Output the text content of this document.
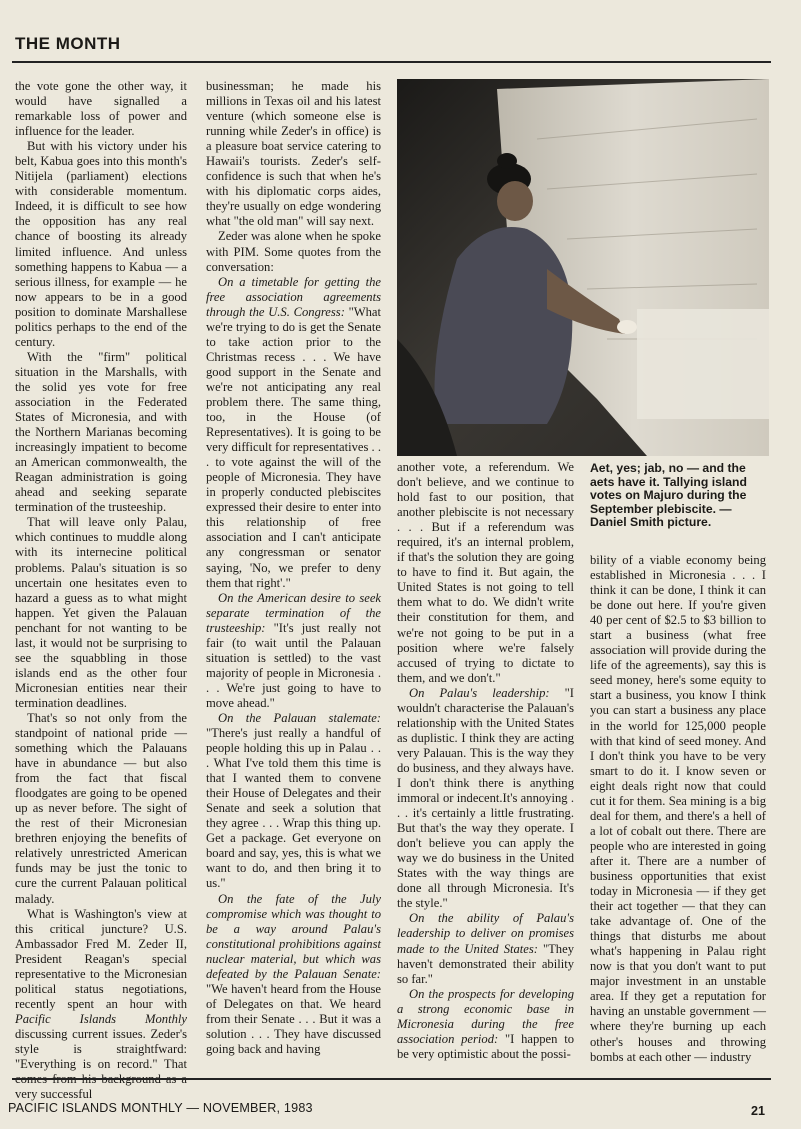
THE MONTH

the vote gone the other way, it would have signalled a remarkable loss of power and influence for the leader.

But with his victory under his belt, Kabua goes into this month's Nitijela (parliament) elections with considerable momentum. Indeed, it is difficult to see how the opposition has any real chance of boosting its already limited influence. And unless something happens to Kabua — a serious illness, for example — he now appears to be in a good position to dominate Marshallese politics perhaps to the end of the century.

With the "firm" political situation in the Marshalls, with the solid yes vote for free association in the Federated States of Micronesia, and with the Northern Marianas becoming increasingly impatient to become an American commonwealth, the Reagan administration is going ahead and seeking separate termination of the trusteeship.

That will leave only Palau, which continues to muddle along with its internecine political problems. Palau's situation is so uncertain one hesitates even to hazard a guess as to what might happen. Yet given the Palauan penchant for not wanting to be last, it would not be surprising to see the squabbling in those islands end as the other four Micronesian entities near their termination deadlines.

That's so not only from the standpoint of national pride — something which the Palauans have in abundance — but also from the fact that fiscal floodgates are going to be opened up as never before. The sight of the rest of their Micronesian brethren enjoying the benefits of relatively unrestricted American funds may be just the tonic to cure the current Palauan political malady.

What is Washington's view at this critical juncture? U.S. Ambassador Fred M. Zeder II, President Reagan's special representative to the Micronesian political status negotiations, recently spent an hour with Pacific Islands Monthly discussing current issues. Zeder's style is straightfward: "Everything is on record." That comes from his background as a very successful

businessman; he made his millions in Texas oil and his latest venture (which someone else is running while Zeder's in office) is a pleasure boat service catering to Hawaii's tourists. Zeder's self-confidence is such that when he's with his diplomatic corps aides, they're usually on edge wondering what "the old man" will say next.

Zeder was alone when he spoke with PIM. Some quotes from the conversation:

On a timetable for getting the free association agreements through the U.S. Congress: "What we're trying to do is get the Senate to take action prior to the Christmas recess . . . We have good support in the Senate and we're not anticipating any real problem there. The same thing, too, in the House (of Representatives). It is going to be very difficult for representatives . . . to vote against the will of the people of Micronesia. They have in properly conducted plebiscites expressed their desire to enter into this relationship of free association and I can't anticipate any congressman or senator saying, 'No, we prefer to deny them that right'."

On the American desire to seek separate termination of the trusteeship: "It's just really not fair (to wait until the Palauan situation is settled) to the vast majority of people in Micronesia . . . We're just going to have to move ahead."

On the Palauan stalemate: "There's just really a handful of people holding this up in Palau . . . What I've told them this time is that I wanted them to convene their House of Delegates and their Senate and seek a solution that they agree . . . Wrap this thing up. Get a package. Get everyone on board and say, yes, this is what we want to do, and then bring it to us."

On the fate of the July compromise which was thought to be a way around Palau's constitutional prohibitions against nuclear material, but which was defeated by the Palauan Senate: "We haven't heard from the House of Delegates on that. We heard from their Senate . . . But it was a solution . . . They have discussed going back and having

Aet, yes; jab, no — and the aets have it. Tallying island votes on Majuro during the September plebiscite. — Daniel Smith picture.

another vote, a referendum. We don't believe, and we continue to hold fast to our position, that another plebiscite is not necessary . . . But if a referendum was required, it's an internal problem, if that's the solution they are going to have to find it. But again, the United States is not going to tell them what to do. We didn't write their constitution for them, and we're not going to be put in a position where we're falsely accused of trying to dictate to them, and we don't."

On Palau's leadership: "I wouldn't characterise the Palauan's relationship with the United States as duplistic. I think they are acting very Palauan. This is the way they do business, and they always have. I don't think there is anything immoral or indecent.It's annoying . . . it's certainly a little frustrating. But that's the way they operate. I don't believe you can apply the way we do business in the United States with the way things are done all through Micronesia. It's the style."

On the ability of Palau's leadership to deliver on promises made to the United States: "They haven't demonstrated their ability so far."

On the prospects for developing a strong economic base in Micronesia during the free association period: "I happen to be very optimistic about the possi-

bility of a viable economy being established in Micronesia . . . I think it can be done, I think it can be done out here. If you're given 40 per cent of $2.5 to $3 billion to start a business (what free association will provide during the life of the agreements), say this is seed money, here's some equity to start a business, you know I think you can start a business any place in the world for 125,000 people with that kind of seed money. And I don't think you have to be very smart to do it. I know seven or eight deals right now that could cut it for them. Sea mining is a big deal for them, and there's a hell of a lot of cobalt out there. There are people who are interested in going after it. There are a number of business opportunities that exist today in Micronesia — if they get their act together — that they can take advantage of. One of the things that disturbs me about what's happening in Palau right now is that you don't want to put major investment in an unstable area. If they get a reputation for having an unstable government — where they're burning up each other's houses and throwing bombs at each other — industry

PACIFIC ISLANDS MONTHLY — NOVEMBER, 1983	21
